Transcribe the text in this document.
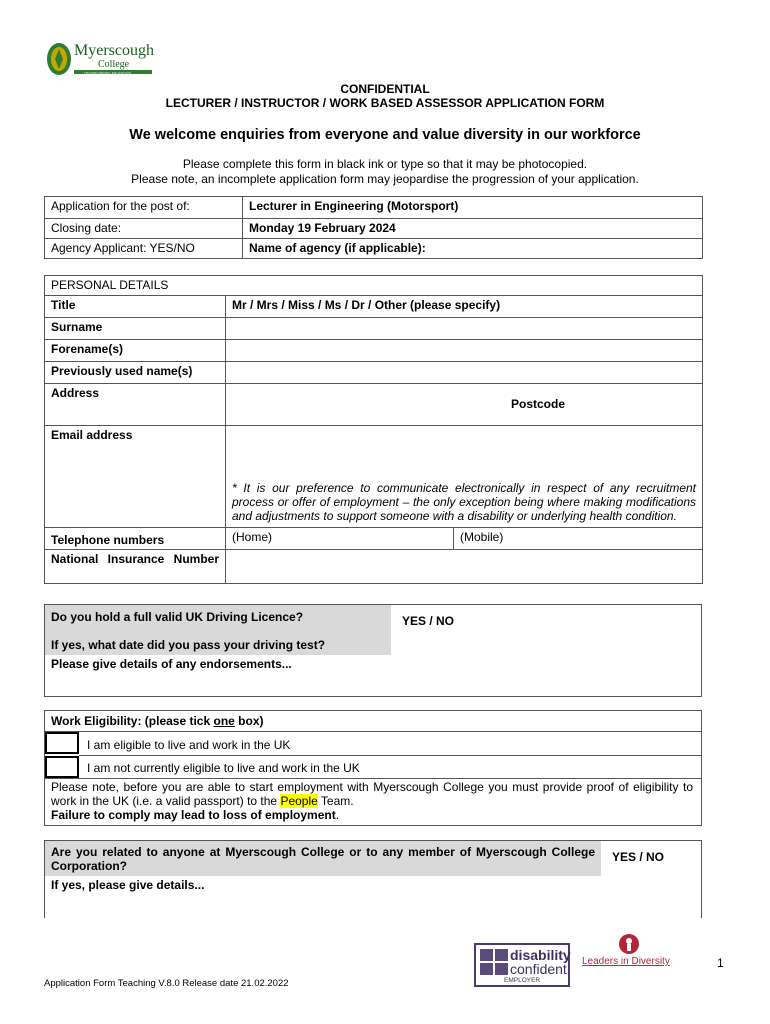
Myerscough
College
TRANSFORMING EDUCATION
CONFIDENTIAL
LECTURER / INSTRUCTOR / WORK BASED ASSESSOR APPLICATION FORM
We welcome enquiries from everyone and value diversity in our workforce
Please complete this form in black ink or type so that it may be photocopied.
Please note, an incomplete application form may jeopardise the progression of your application.
Application for the post of:	Lecturer in Engineering (Motorsport)
Closing date:	Monday 19 February 2024
Agency Applicant: YES/NO	Name of agency (if applicable):
PERSONAL DETAILS		
Title	Mr / Mrs / Miss / Ms / Dr / Other (please specify)	
Surname		
Forename(s)		
Previously used name(s)		
Address	Postcode	

Email address	* It is our preference to communicate electronically in respect of any recruitment process or offer of employment – the only exception being where making modifications and adjustments to support someone with a disability or underlying health condition.	

Telephone numbers	(Home)	(Mobile)
National Insurance Number		
Do you hold a full valid UK Driving Licence?	YES / NO
If yes, what date did you pass your driving test?
Please give details of any endorsements...
Work Eligibility: (please tick one box)
I am eligible to live and work in the UK
I am not currently eligible to live and work in the UK
Please note, before you are able to start employment with Myerscough College you must provide proof of eligibility to work in the UK (i.e. a valid passport) to the People Team.
Failure to comply may lead to loss of employment.
Are you related to anyone at Myerscough College or to any member of Myerscough College Corporation?
YES / NO
If yes, please give details...
disability
confident
EMPLOYER
Leaders in Diversity	1
Application Form Teaching V.8.0 Release date 21.02.2022
